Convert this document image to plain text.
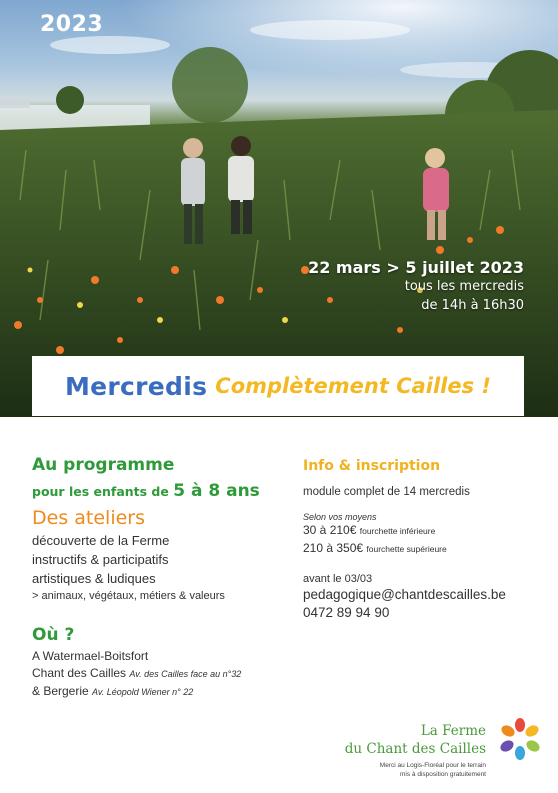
2023
22 mars > 5 juillet 2023
tous les mercredis
de 14h à 16h30
Mercredis Complètement Cailles !
Au programme
pour les enfants de 5 à 8 ans
Des ateliers
découverte de la Ferme
instructifs & participatifs
artistiques & ludiques
> animaux, végétaux, métiers & valeurs
Où ?
A Watermael-Boitsfort
Chant des Cailles Av. des Cailles face au n°32
& Bergerie Av. Léopold Wiener n° 22
Info & inscription
module complet de 14 mercredis
Selon vos moyens
30 à 210€ fourchette inférieure
210 à 350€ fourchette supérieure
avant le 03/03
pedagogique@chantdescailles.be
0472 89 94 90
La Ferme
du Chant des Cailles
Merci au Logis-Floréal pour le terrain
mis à disposition gratuitement
